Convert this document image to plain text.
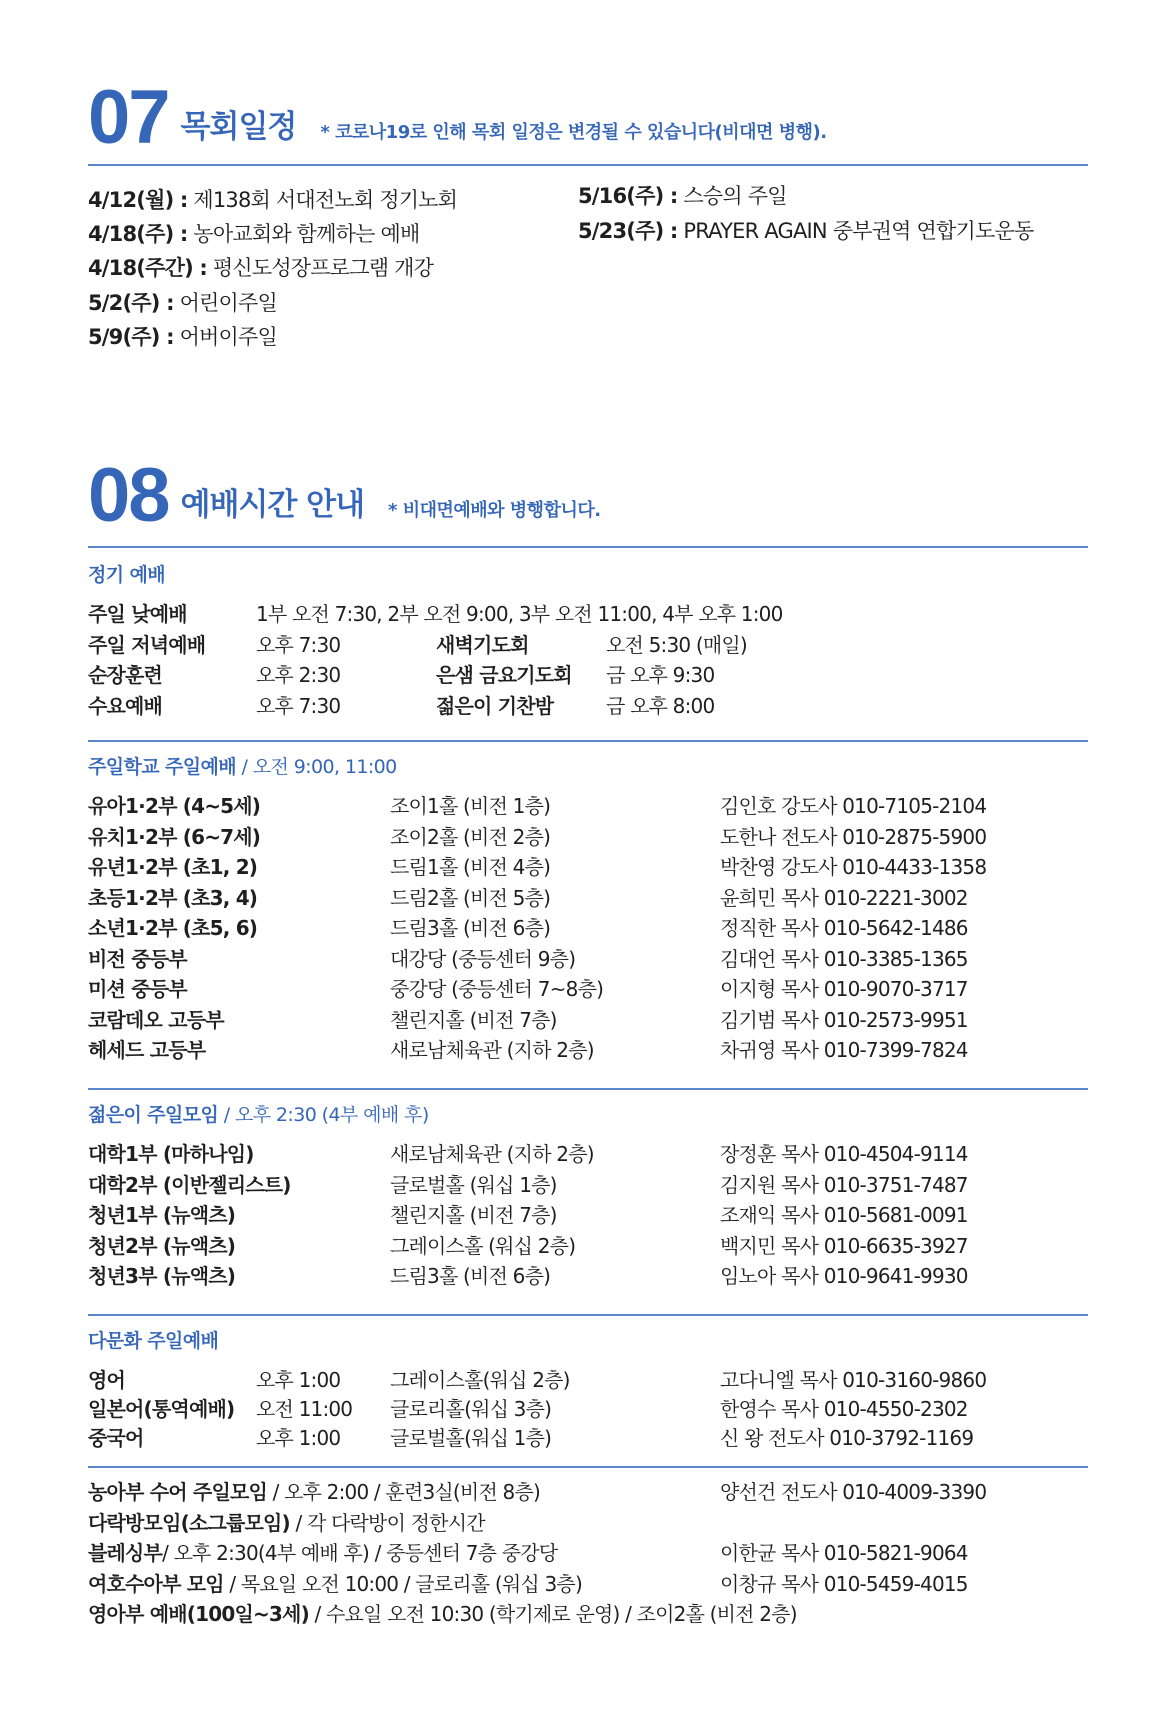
07 목회일정 * 코로나19로 인해 목회 일정은 변경될 수 있습니다(비대면 병행).
4/12(월) : 제138회 서대전노회 정기노회
4/18(주) : 농아교회와 함께하는 예배
4/18(주간) : 평신도성장프로그램 개강
5/2(주) : 어린이주일
5/9(주) : 어버이주일
5/16(주) : 스승의 주일
5/23(주) : PRAYER AGAIN 중부권역 연합기도운동
08 예배시간 안내 * 비대면예배와 병행합니다.
정기 예배
주일 낮예배	1부 오전 7:30, 2부 오전 9:00, 3부 오전 11:00, 4부 오후 1:00
주일 저녁예배	오후 7:30	새벽기도회	오전 5:30 (매일)
순장훈련	오후 2:30	은샘 금요기도회 금 오후 9:30
수요예배	오후 7:30	젊은이 기찬밤	금 오후 8:00
주일학교 주일예배 / 오전 9:00, 11:00
유아1·2부 (4~5세)	조이1홀 (비전 1층)	김인호 강도사 010-7105-2104
유치1·2부 (6~7세)	조이2홀 (비전 2층)	도한나 전도사 010-2875-5900
유년1·2부 (초1, 2)	드림1홀 (비전 4층)	박찬영 강도사 010-4433-1358
초등1·2부 (초3, 4)	드림2홀 (비전 5층)	윤희민 목사 010-2221-3002
소년1·2부 (초5, 6)	드림3홀 (비전 6층)	정직한 목사 010-5642-1486
비전 중등부	대강당 (중등센터 9층)	김대언 목사 010-3385-1365
미션 중등부	중강당 (중등센터 7~8층)	이지형 목사 010-9070-3717
코람데오 고등부	챌린지홀 (비전 7층)	김기범 목사 010-2573-9951
헤세드 고등부	새로남체육관 (지하 2층)	차귀영 목사 010-7399-7824
젊은이 주일모임 / 오후 2:30 (4부 예배 후)
대학1부 (마하나임)	새로남체육관 (지하 2층)	장정훈 목사 010-4504-9114
대학2부 (이반젤리스트)	글로벌홀 (워십 1층)	김지원 목사 010-3751-7487
청년1부 (뉴액츠)	챌린지홀 (비전 7층)	조재익 목사 010-5681-0091
청년2부 (뉴액츠)	그레이스홀 (워십 2층)	백지민 목사 010-6635-3927
청년3부 (뉴액츠)	드림3홀 (비전 6층)	임노아 목사 010-9641-9930
다문화 주일예배
영어	오후 1:00 그레이스홀(워십 2층)	고다니엘 목사 010-3160-9860
일본어(통역예배) 오전 11:00 글로리홀(워십 3층)	한영수 목사 010-4550-2302
중국어	오후 1:00 글로벌홀(워십 1층)	신 왕 전도사 010-3792-1169
농아부 수어 주일모임 / 오후 2:00 / 훈련3실(비전 8층)	양선건 전도사 010-4009-3390
다락방모임(소그룹모임) / 각 다락방이 정한시간
블레싱부/ 오후 2:30(4부 예배 후) / 중등센터 7층 중강당	이한균 목사 010-5821-9064
여호수아부 모임 / 목요일 오전 10:00 / 글로리홀 (워십 3층)	이창규 목사 010-5459-4015
영아부 예배(100일~3세) / 수요일 오전 10:30 (학기제로 운영) / 조이2홀 (비전 2층)
